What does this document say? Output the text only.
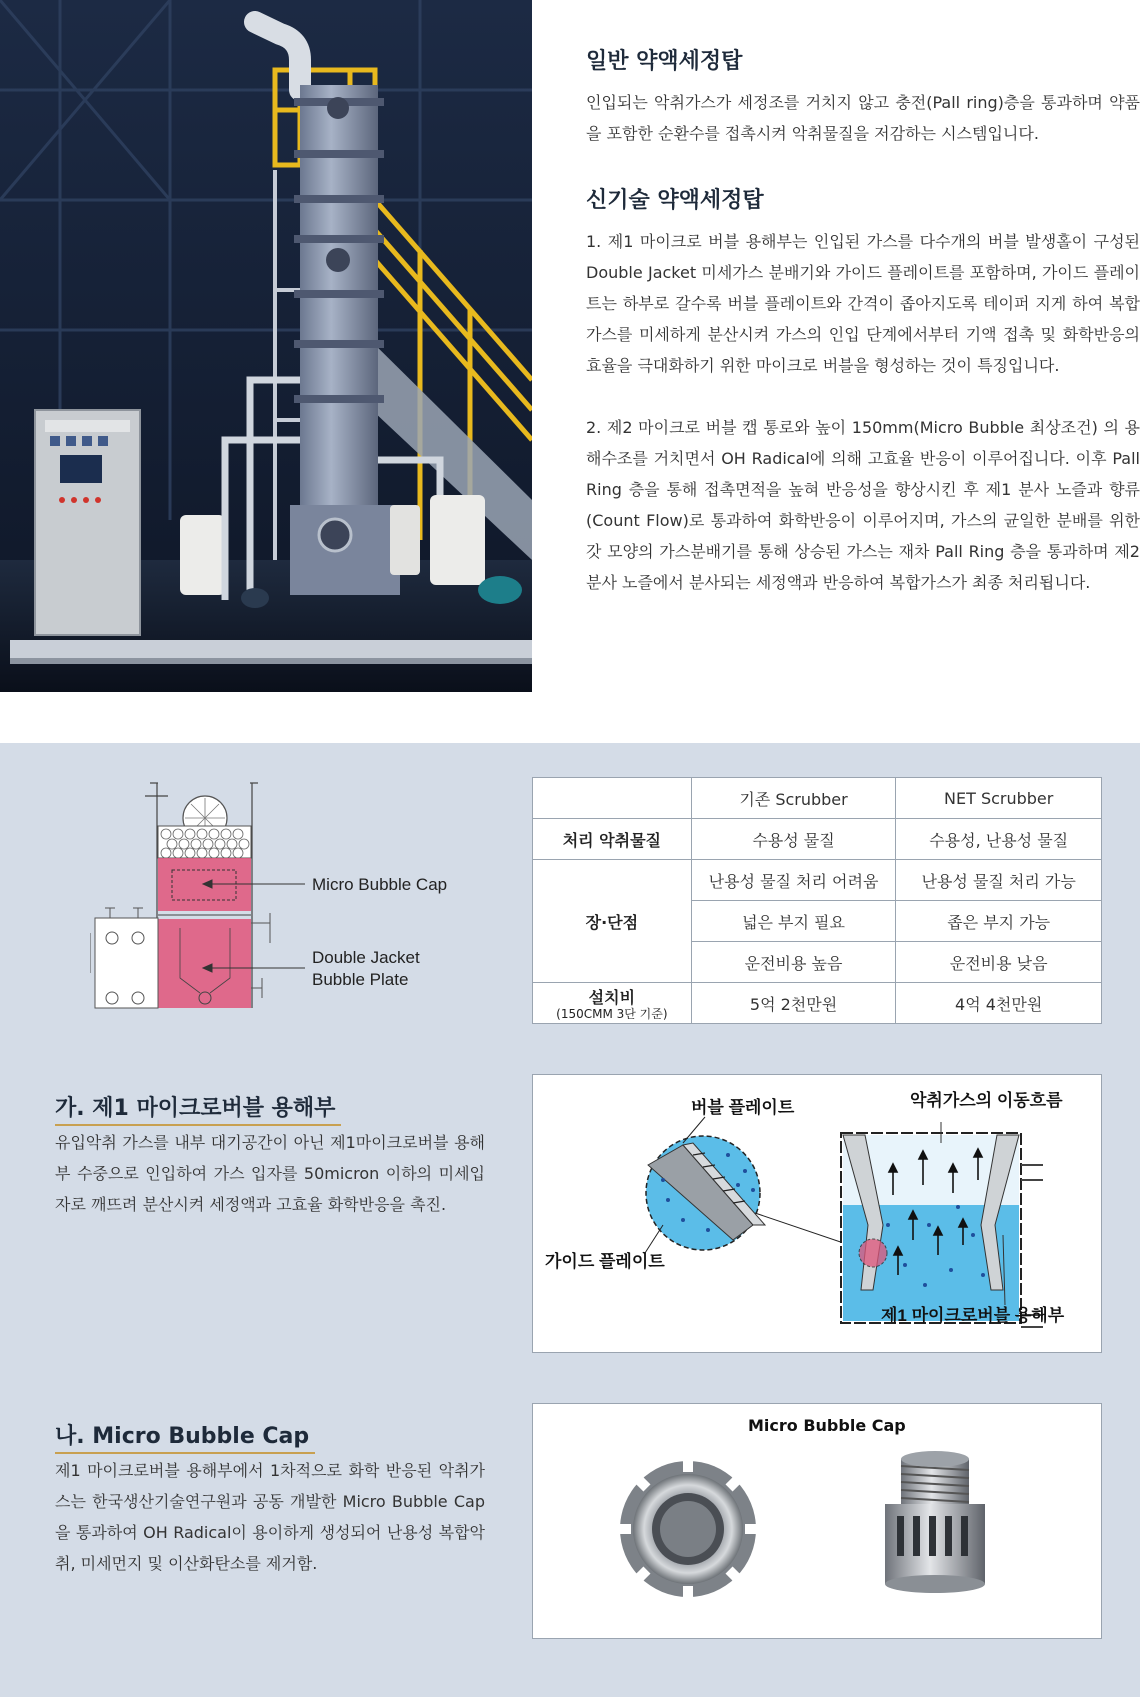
일반 약액세정탑

인입되는 악취가스가 세정조를 거치지 않고 충전(Pall ring)층을 통과하며 약품을 포함한 순환수를 접촉시켜 악취물질을 저감하는 시스템입니다.

신기술 약액세정탑

1. 제1 마이크로 버블 용해부는 인입된 가스를 다수개의 버블 발생홀이 구성된 Double Jacket 미세가스 분배기와 가이드 플레이트를 포함하며, 가이드 플레이트는 하부로 갈수록 버블 플레이트와 간격이 좁아지도록 테이퍼 지게 하여 복합가스를 미세하게 분산시켜 가스의 인입 단계에서부터 기액 접촉 및 화학반응의 효율을 극대화하기 위한 마이크로 버블을 형성하는 것이 특징입니다.

2. 제2 마이크로 버블 캡 통로와 높이 150mm(Micro Bubble 최상조건) 의 용해수조를 거치면서 OH Radical에 의해 고효율 반응이 이루어집니다. 이후 Pall Ring 층을 통해 접촉면적을 높혀 반응성을 향상시킨 후 제1 분사 노즐과 향류(Count Flow)로 통과하여 화학반응이 이루어지며, 가스의 균일한 분배를 위한 갓 모양의 가스분배기를 통해 상승된 가스는 재차 Pall Ring 층을 통과하며 제2 분사 노즐에서 분사되는 세정액과 반응하여 복합가스가 최종 처리됩니다.

Micro Bubble Cap
Double Jacket
Bubble Plate
	기존 Scrubber	NET Scrubber
처리 악취물질	수용성 물질	수용성, 난용성 물질
장·단점	난용성 물질 처리 어려움	난용성 물질 처리 가능
	넓은 부지 필요	좁은 부지 가능
	운전비용 높음	운전비용 낮음
설치비
(150CMM 3단 기준)	5억 2천만원	4억 4천만원
가. 제1 마이크로버블 용해부

유입악취 가스를 내부 대기공간이 아닌 제1마이크로버블 용해부 수중으로 인입하여 가스 입자를 50micron 이하의 미세입자로 깨뜨려 분산시켜 세정액과 고효율 화학반응을 촉진.

버블 플레이트	악취가스의 이동흐름
가이드 플레이트
제1 마이크로버블 용해부
나. Micro Bubble Cap

제1 마이크로버블 용해부에서 1차적으로 화학 반응된 악취가스는 한국생산기술연구원과 공동 개발한 Micro Bubble Cap을 통과하여 OH Radical이 용이하게 생성되어 난용성 복합악취, 미세먼지 및 이산화탄소를 제거함.

Micro Bubble Cap
